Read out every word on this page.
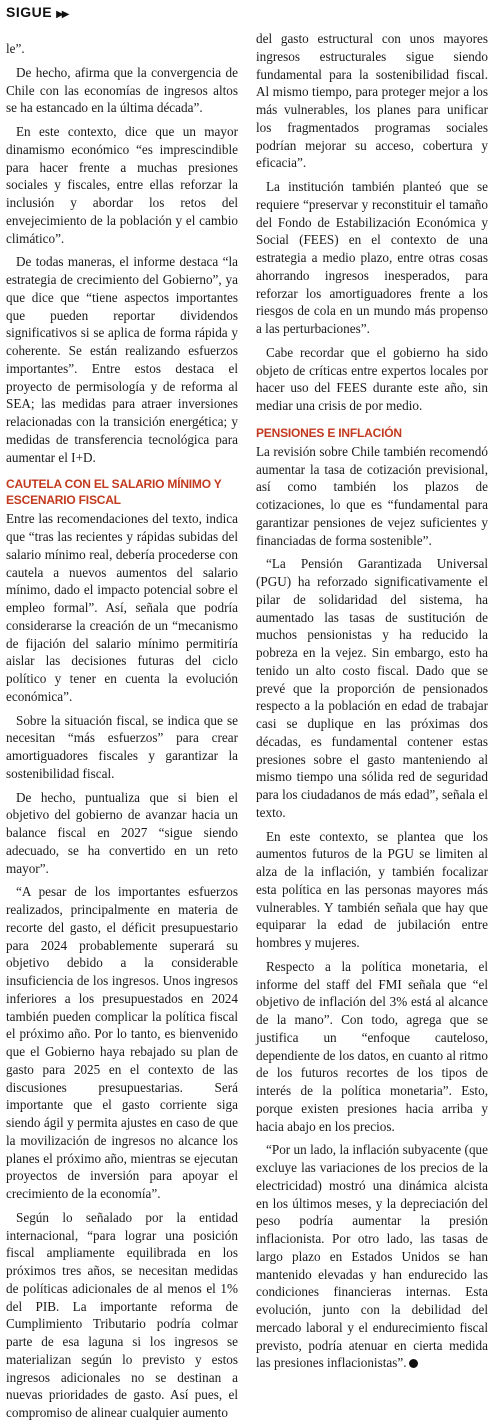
SIGUE ▶▶

le”.

De hecho, afirma que la convergencia de Chile con las economías de ingresos altos se ha estancado en la última década”.

En este contexto, dice que un mayor dinamismo económico “es imprescindible para hacer frente a muchas presiones sociales y fiscales, entre ellas reforzar la inclusión y abordar los retos del envejecimiento de la población y el cambio climático”.

De todas maneras, el informe destaca “la estrategia de crecimiento del Gobierno”, ya que dice que “tiene aspectos importantes que pueden reportar dividendos significativos si se aplica de forma rápida y coherente. Se están realizando esfuerzos importantes”. Entre estos destaca el proyecto de permisología y de reforma al SEA; las medidas para atraer inversiones relacionadas con la transición energética; y medidas de transferencia tecnológica para aumentar el I+D.

CAUTELA CON EL SALARIO MÍNIMO Y ESCENARIO FISCAL

Entre las recomendaciones del texto, indica que “tras las recientes y rápidas subidas del salario mínimo real, debería procederse con cautela a nuevos aumentos del salario mínimo, dado el impacto potencial sobre el empleo formal”. Así, señala que podría considerarse la creación de un “mecanismo de fijación del salario mínimo permitiría aislar las decisiones futuras del ciclo político y tener en cuenta la evolución económica”.

Sobre la situación fiscal, se indica que se necesitan “más esfuerzos” para crear amortiguadores fiscales y garantizar la sostenibilidad fiscal.

De hecho, puntualiza que si bien el objetivo del gobierno de avanzar hacia un balance fiscal en 2027 “sigue siendo adecuado, se ha convertido en un reto mayor”.

“A pesar de los importantes esfuerzos realizados, principalmente en materia de recorte del gasto, el déficit presupuestario para 2024 probablemente superará su objetivo debido a la considerable insuficiencia de los ingresos. Unos ingresos inferiores a los presupuestados en 2024 también pueden complicar la política fiscal el próximo año. Por lo tanto, es bienvenido que el Gobierno haya rebajado su plan de gasto para 2025 en el contexto de las discusiones presupuestarias. Será importante que el gasto corriente siga siendo ágil y permita ajustes en caso de que la movilización de ingresos no alcance los planes el próximo año, mientras se ejecutan proyectos de inversión para apoyar el crecimiento de la economía”.

Según lo señalado por la entidad internacional, “para lograr una posición fiscal ampliamente equilibrada en los próximos tres años, se necesitan medidas de políticas adicionales de al menos el 1% del PIB. La importante reforma de Cumplimiento Tributario podría colmar parte de esa laguna si los ingresos se materializan según lo previsto y estos ingresos adicionales no se destinan a nuevas prioridades de gasto. Así pues, el compromiso de alinear cualquier aumento

del gasto estructural con unos mayores ingresos estructurales sigue siendo fundamental para la sostenibilidad fiscal. Al mismo tiempo, para proteger mejor a los más vulnerables, los planes para unificar los fragmentados programas sociales podrían mejorar su acceso, cobertura y eficacia”.

La institución también planteó que se requiere “preservar y reconstituir el tamaño del Fondo de Estabilización Económica y Social (FEES) en el contexto de una estrategia a medio plazo, entre otras cosas ahorrando ingresos inesperados, para reforzar los amortiguadores frente a los riesgos de cola en un mundo más propenso a las perturbaciones”.

Cabe recordar que el gobierno ha sido objeto de críticas entre expertos locales por hacer uso del FEES durante este año, sin mediar una crisis de por medio.

PENSIONES E INFLACIÓN

La revisión sobre Chile también recomendó aumentar la tasa de cotización previsional, así como también los plazos de cotizaciones, lo que es “fundamental para garantizar pensiones de vejez suficientes y financiadas de forma sostenible”.

“La Pensión Garantizada Universal (PGU) ha reforzado significativamente el pilar de solidaridad del sistema, ha aumentado las tasas de sustitución de muchos pensionistas y ha reducido la pobreza en la vejez. Sin embargo, esto ha tenido un alto costo fiscal. Dado que se prevé que la proporción de pensionados respecto a la población en edad de trabajar casi se duplique en las próximas dos décadas, es fundamental contener estas presiones sobre el gasto manteniendo al mismo tiempo una sólida red de seguridad para los ciudadanos de más edad”, señala el texto.

En este contexto, se plantea que los aumentos futuros de la PGU se limiten al alza de la inflación, y también focalizar esta política en las personas mayores más vulnerables. Y también señala que hay que equiparar la edad de jubilación entre hombres y mujeres.

Respecto a la política monetaria, el informe del staff del FMI señala que “el objetivo de inflación del 3% está al alcance de la mano”. Con todo, agrega que se justifica un “enfoque cauteloso, dependiente de los datos, en cuanto al ritmo de los futuros recortes de los tipos de interés de la política monetaria”. Esto, porque existen presiones hacia arriba y hacia abajo en los precios.

“Por un lado, la inflación subyacente (que excluye las variaciones de los precios de la electricidad) mostró una dinámica alcista en los últimos meses, y la depreciación del peso podría aumentar la presión inflacionista. Por otro lado, las tasas de largo plazo en Estados Unidos se han mantenido elevadas y han endurecido las condiciones financieras internas. Esta evolución, junto con la debilidad del mercado laboral y el endurecimiento fiscal previsto, podría atenuar en cierta medida las presiones inflacionistas”.
